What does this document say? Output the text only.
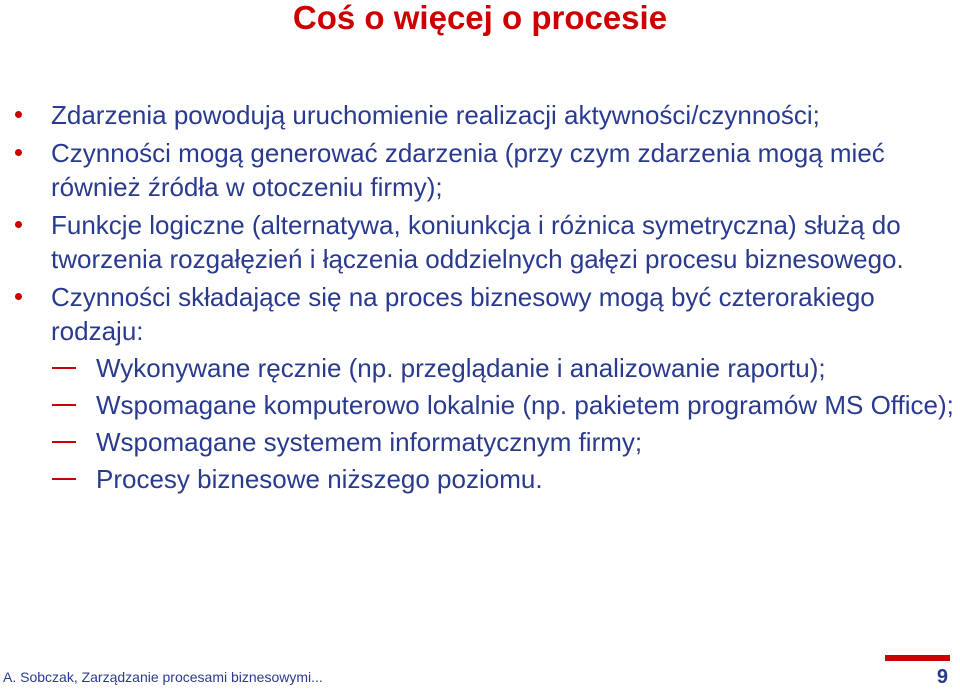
Coś o więcej o procesie
Zdarzenia powodują uruchomienie realizacji aktywności/czynności;
Czynności mogą generować zdarzenia (przy czym zdarzenia mogą mieć również źródła w otoczeniu firmy);
Funkcje logiczne (alternatywa, koniunkcja i różnica symetryczna) służą do tworzenia rozgałęzień i łączenia oddzielnych gałęzi procesu biznesowego.
Czynności składające się na proces biznesowy mogą być czterorakiego rodzaju:
Wykonywane ręcznie (np. przeglądanie i analizowanie raportu);
Wspomagane komputerowo lokalnie (np. pakietem programów MS Office);
Wspomagane systemem informatycznym firmy;
Procesy biznesowe niższego poziomu.
A. Sobczak, Zarządzanie procesami biznesowymi...	9
